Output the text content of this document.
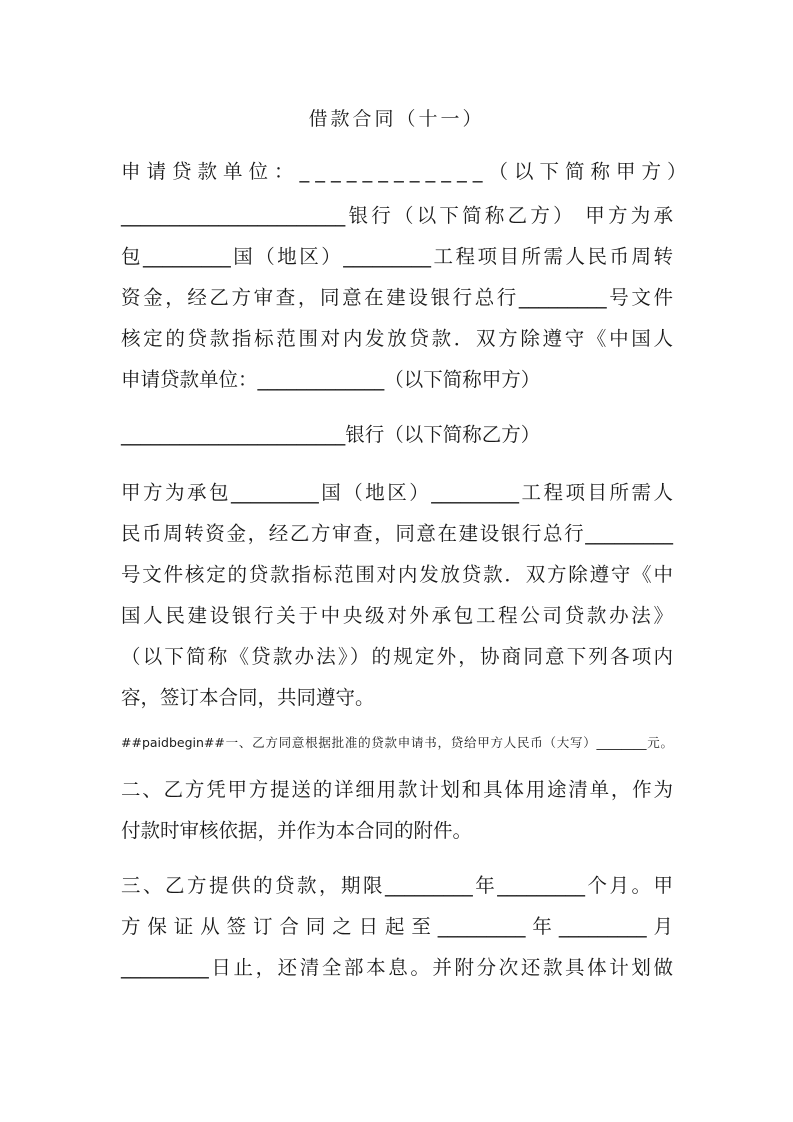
借款合同（十一）
申请贷款单位：____________（以下简称甲方）
_______________________银行（以下简称乙方） 甲方为承
包_________国（地区）_________工程项目所需人民币周转
资金，经乙方审查，同意在建设银行总行_________号文件
核定的贷款指标范围对内发放贷款．双方除遵守《中国人
申请贷款单位：_____________（以下简称甲方）
_______________________银行（以下简称乙方）
甲方为承包_________国（地区）_________工程项目所需人
民币周转资金，经乙方审查，同意在建设银行总行_________
号文件核定的贷款指标范围对内发放贷款．双方除遵守《中
国人民建设银行关于中央级对外承包工程公司贷款办法》
（以下简称《贷款办法》）的规定外，协商同意下列各项内
容，签订本合同，共同遵守。
##paidbegin##一、乙方同意根据批准的贷款申请书，贷给甲方人民币（大写）________元。
二、乙方凭甲方提送的详细用款计划和具体用途清单，作为
付款时审核依据，并作为本合同的附件。
三、乙方提供的贷款，期限_________年_________个月。甲
方保证从签订合同之日起至_________年_________月
_________日止，还清全部本息。并附分次还款具体计划做
